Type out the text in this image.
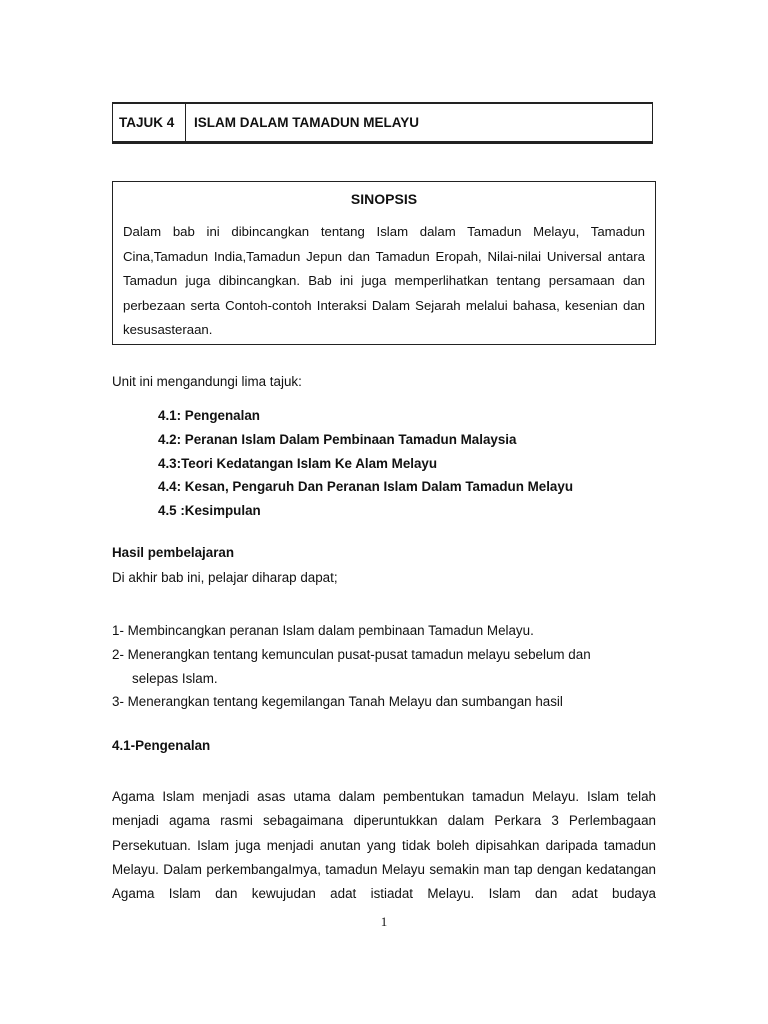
TAJUK 4	ISLAM DALAM TAMADUN MELAYU
SINOPSIS

Dalam bab ini dibincangkan tentang Islam dalam Tamadun Melayu, Tamadun Cina,Tamadun India,Tamadun Jepun dan Tamadun Eropah, Nilai-nilai Universal antara Tamadun juga dibincangkan. Bab ini juga memperlihatkan tentang persamaan dan perbezaan serta Contoh-contoh Interaksi Dalam Sejarah melalui bahasa, kesenian dan kesusasteraan.

Unit ini mengandungi lima tajuk:
4.1: Pengenalan
4.2: Peranan Islam Dalam Pembinaan Tamadun Malaysia
4.3:Teori Kedatangan Islam Ke Alam Melayu
4.4: Kesan, Pengaruh Dan Peranan Islam Dalam Tamadun Melayu
4.5 :Kesimpulan
Hasil pembelajaran
Di akhir bab ini, pelajar diharap dapat;
1- Membincangkan peranan Islam dalam pembinaan Tamadun Melayu.
2- Menerangkan tentang kemunculan pusat-pusat tamadun melayu sebelum dan
selepas Islam.
3- Menerangkan tentang kegemilangan Tanah Melayu dan sumbangan hasil
4.1-Pengenalan

Agama Islam menjadi asas utama dalam pembentukan tamadun Melayu. Islam telah menjadi agama rasmi sebagaimana diperuntukkan dalam Perkara 3 Perlembagaan Persekutuan. Islam juga menjadi anutan yang tidak boleh dipisahkan daripada tamadun Melayu. Dalam perkembangaImya, tamadun Melayu semakin man tap dengan kedatangan Agama Islam dan kewujudan adat istiadat Melayu. Islam dan adat budaya

1
